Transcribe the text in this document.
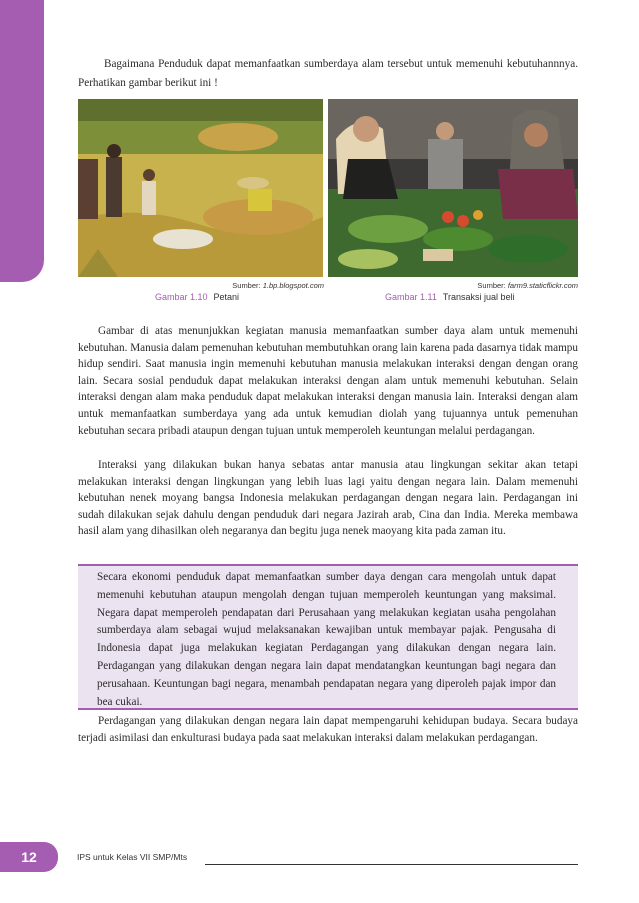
Bagaimana Penduduk dapat memanfaatkan sumberdaya alam tersebut untuk memenuhi kebutuhannnya. Perhatikan gambar berikut ini !

Sumber: 1.bp.blogspot.com	Sumber: farm9.staticflickr.com
Gambar 1.10 Petani	Gambar 1.11 Transaksi jual beli

Gambar di atas menunjukkan kegiatan manusia memanfaatkan sumber daya alam untuk memenuhi kebutuhan. Manusia dalam pemenuhan kebutuhan membutuhkan orang lain karena pada dasarnya tidak mampu hidup sendiri. Saat manusia ingin memenuhi kebutuhan manusia melakukan interaksi dengan dengan orang lain. Secara sosial penduduk dapat melakukan interaksi dengan alam untuk memenuhi kebutuhan. Selain interaksi dengan alam maka penduduk dapat melakukan interaksi dengan manusia lain. Interaksi dengan alam untuk memanfaatkan sumberdaya yang ada untuk kemudian diolah yang tujuannya untuk pemenuhan kebutuhan secara pribadi ataupun dengan tujuan untuk memperoleh keuntungan melalui perdagangan.

Interaksi yang dilakukan bukan hanya sebatas antar manusia atau lingkungan sekitar akan tetapi melakukan interaksi dengan lingkungan yang lebih luas lagi yaitu dengan negara lain. Dalam memenuhi kebutuhan nenek moyang bangsa Indonesia melakukan perdagangan dengan negara lain. Perdagangan ini sudah dilakukan sejak dahulu dengan penduduk dari negara Jazirah arab, Cina dan India. Mereka membawa hasil alam yang dihasilkan oleh negaranya dan begitu juga nenek maoyang kita pada zaman itu.

Secara ekonomi penduduk dapat memanfaatkan sumber daya dengan cara mengolah untuk dapat memenuhi kebutuhan ataupun mengolah dengan tujuan memperoleh keuntungan yang maksimal. Negara dapat memperoleh pendapatan dari Perusahaan yang melakukan kegiatan usaha pengolahan sumberdaya alam sebagai wujud melaksanakan kewajiban untuk membayar pajak. Pengusaha di Indonesia dapat juga melakukan kegiatan Perdagangan yang dilakukan dengan negara lain. Perdagangan yang dilakukan dengan negara lain dapat mendatangkan keuntungan bagi negara dan perusahaan. Keuntungan bagi negara, menambah pendapatan negara yang diperoleh pajak impor dan bea cukai.

Perdagangan yang dilakukan dengan negara lain dapat mempengaruhi kehidupan budaya. Secara budaya terjadi asimilasi dan enkulturasi budaya pada saat melakukan interaksi dalam melakukan perdagangan.

12	IPS untuk Kelas VII SMP/Mts
